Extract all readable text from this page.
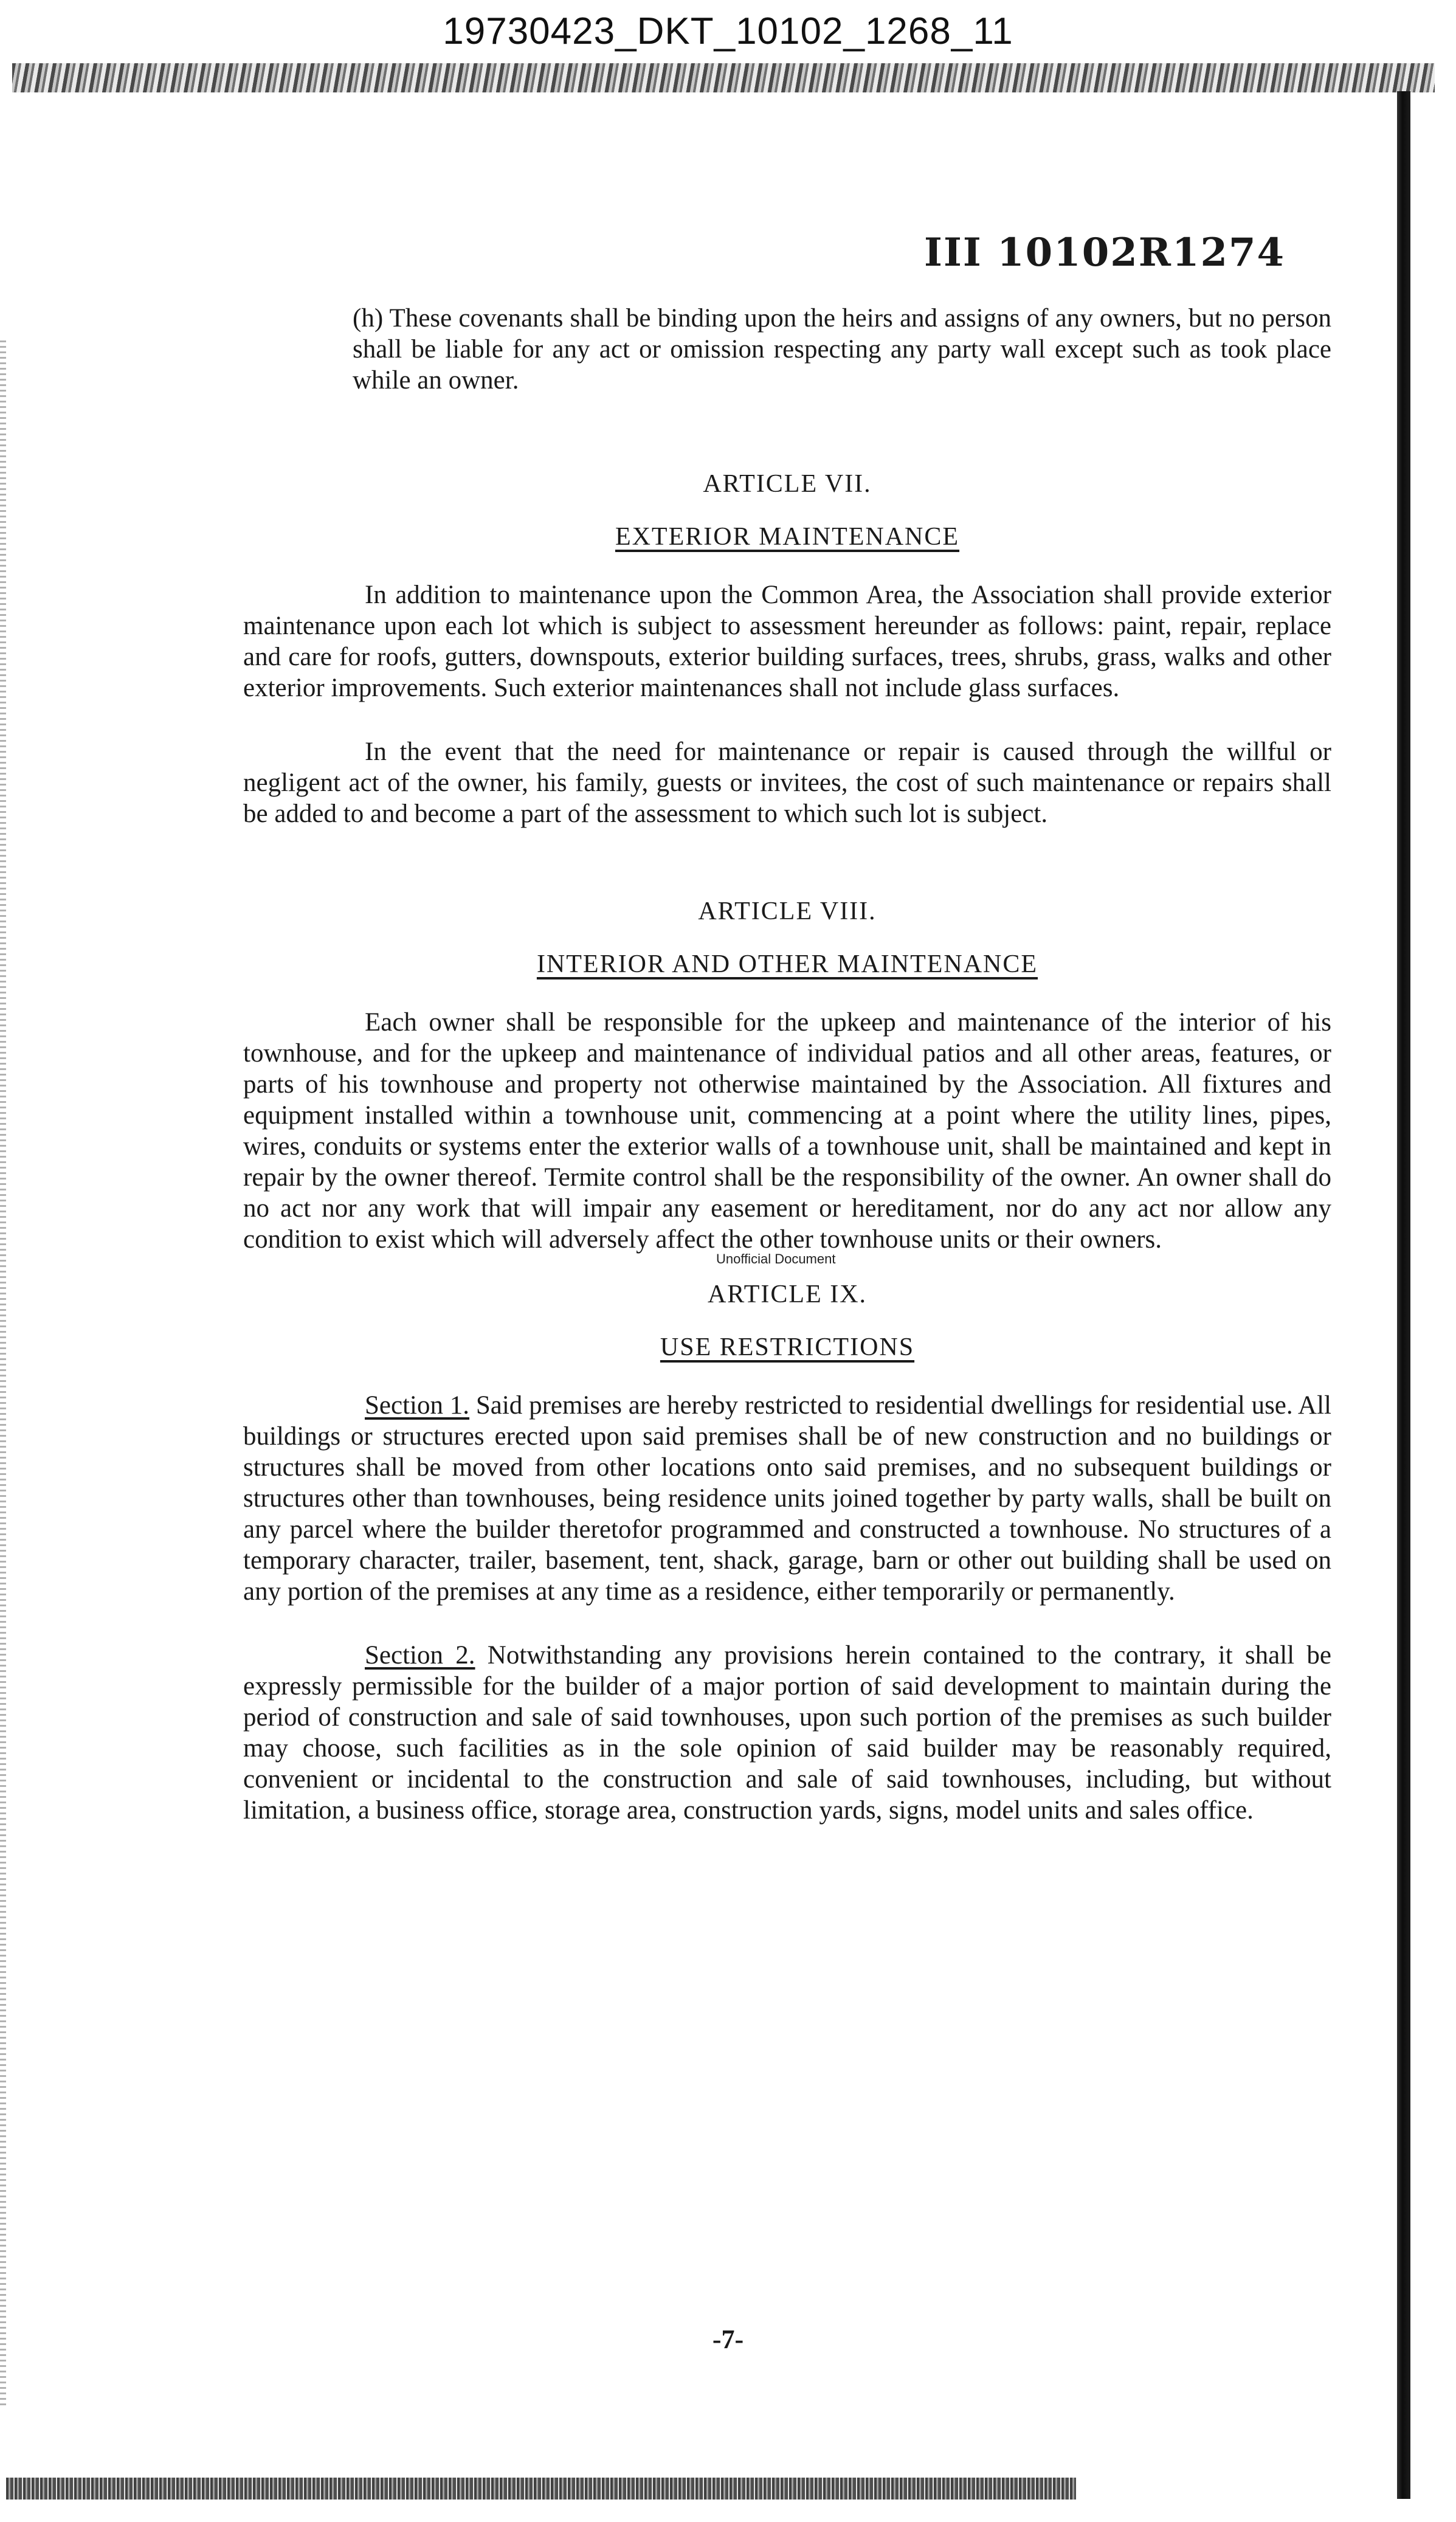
19730423_DKT_10102_1268_11
III 10102R1274

(h) These covenants shall be binding upon the heirs and assigns of any owners, but no person shall be liable for any act or omission respecting any party wall except such as took place while an owner.

ARTICLE VII.
EXTERIOR MAINTENANCE

In addition to maintenance upon the Common Area, the Association shall provide exterior maintenance upon each lot which is subject to assessment hereunder as follows: paint, repair, replace and care for roofs, gutters, downspouts, exterior building surfaces, trees, shrubs, grass, walks and other exterior improvements. Such exterior maintenances shall not include glass surfaces.

In the event that the need for maintenance or repair is caused through the willful or negligent act of the owner, his family, guests or invitees, the cost of such maintenance or repairs shall be added to and become a part of the assessment to which such lot is subject.

ARTICLE VIII.
INTERIOR AND OTHER MAINTENANCE

Each owner shall be responsible for the upkeep and maintenance of the interior of his townhouse, and for the upkeep and maintenance of individual patios and all other areas, features, or parts of his townhouse and property not otherwise maintained by the Association. All fixtures and equipment installed within a townhouse unit, commencing at a point where the utility lines, pipes, wires, conduits or systems enter the exterior walls of a townhouse unit, shall be maintained and kept in repair by the owner thereof. Termite control shall be the responsibility of the owner. An owner shall do no act nor any work that will impair any easement or hereditament, nor do any act nor allow any condition to exist which will adversely affect the other townhouse units or their owners.

ARTICLE IX.
USE RESTRICTIONS

Section 1. Said premises are hereby restricted to residential dwellings for residential use. All buildings or structures erected upon said premises shall be of new construction and no buildings or structures shall be moved from other locations onto said premises, and no subsequent buildings or structures other than townhouses, being residence units joined together by party walls, shall be built on any parcel where the builder theretofor programmed and constructed a townhouse. No structures of a temporary character, trailer, basement, tent, shack, garage, barn or other out building shall be used on any portion of the premises at any time as a residence, either temporarily or permanently.

Section 2. Notwithstanding any provisions herein contained to the contrary, it shall be expressly permissible for the builder of a major portion of said development to maintain during the period of construction and sale of said townhouses, upon such portion of the premises as such builder may choose, such facilities as in the sole opinion of said builder may be reasonably required, convenient or incidental to the construction and sale of said townhouses, including, but without limitation, a business office, storage area, construction yards, signs, model units and sales office.

Unofficial Document
-7-
